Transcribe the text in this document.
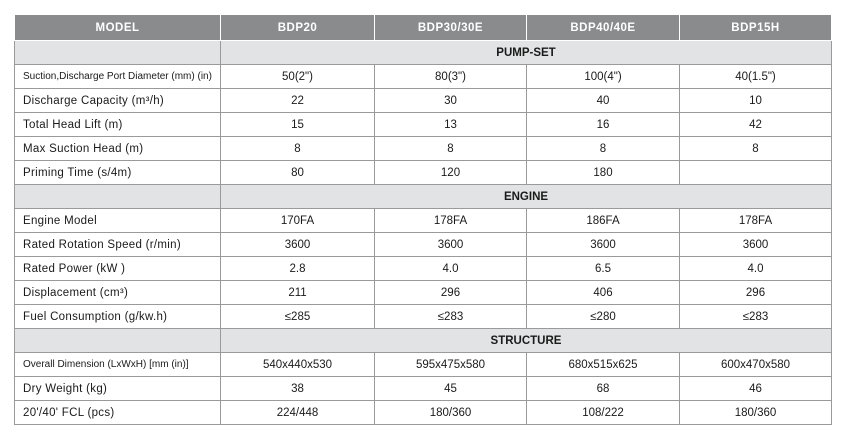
MODEL	BDP20	BDP30/30E	BDP40/40E	BDP15H
	PUMP-SET			
Suction,Discharge Port Diameter (mm) (in)	50(2")	80(3")	100(4")	40(1.5")
Discharge Capacity (m³/h)	22	30	40	10
Total Head Lift (m)	15	13	16	42
Max Suction Head (m)	8	8	8	8
Priming Time (s/4m)	80	120	180	
	ENGINE			
Engine Model	170FA	178FA	186FA	178FA
Rated Rotation Speed (r/min)	3600	3600	3600	3600
Rated Power (kW )	2.8	4.0	6.5	4.0
Displacement (cm³)	211	296	406	296
Fuel Consumption (g/kw.h)	≤285	≤283	≤280	≤283
	STRUCTURE			
Overall Dimension (LxWxH) [mm (in)]	540x440x530	595x475x580	680x515x625	600x470x580
Dry Weight (kg)	38	45	68	46
20'/40' FCL (pcs)	224/448	180/360	108/222	180/360
